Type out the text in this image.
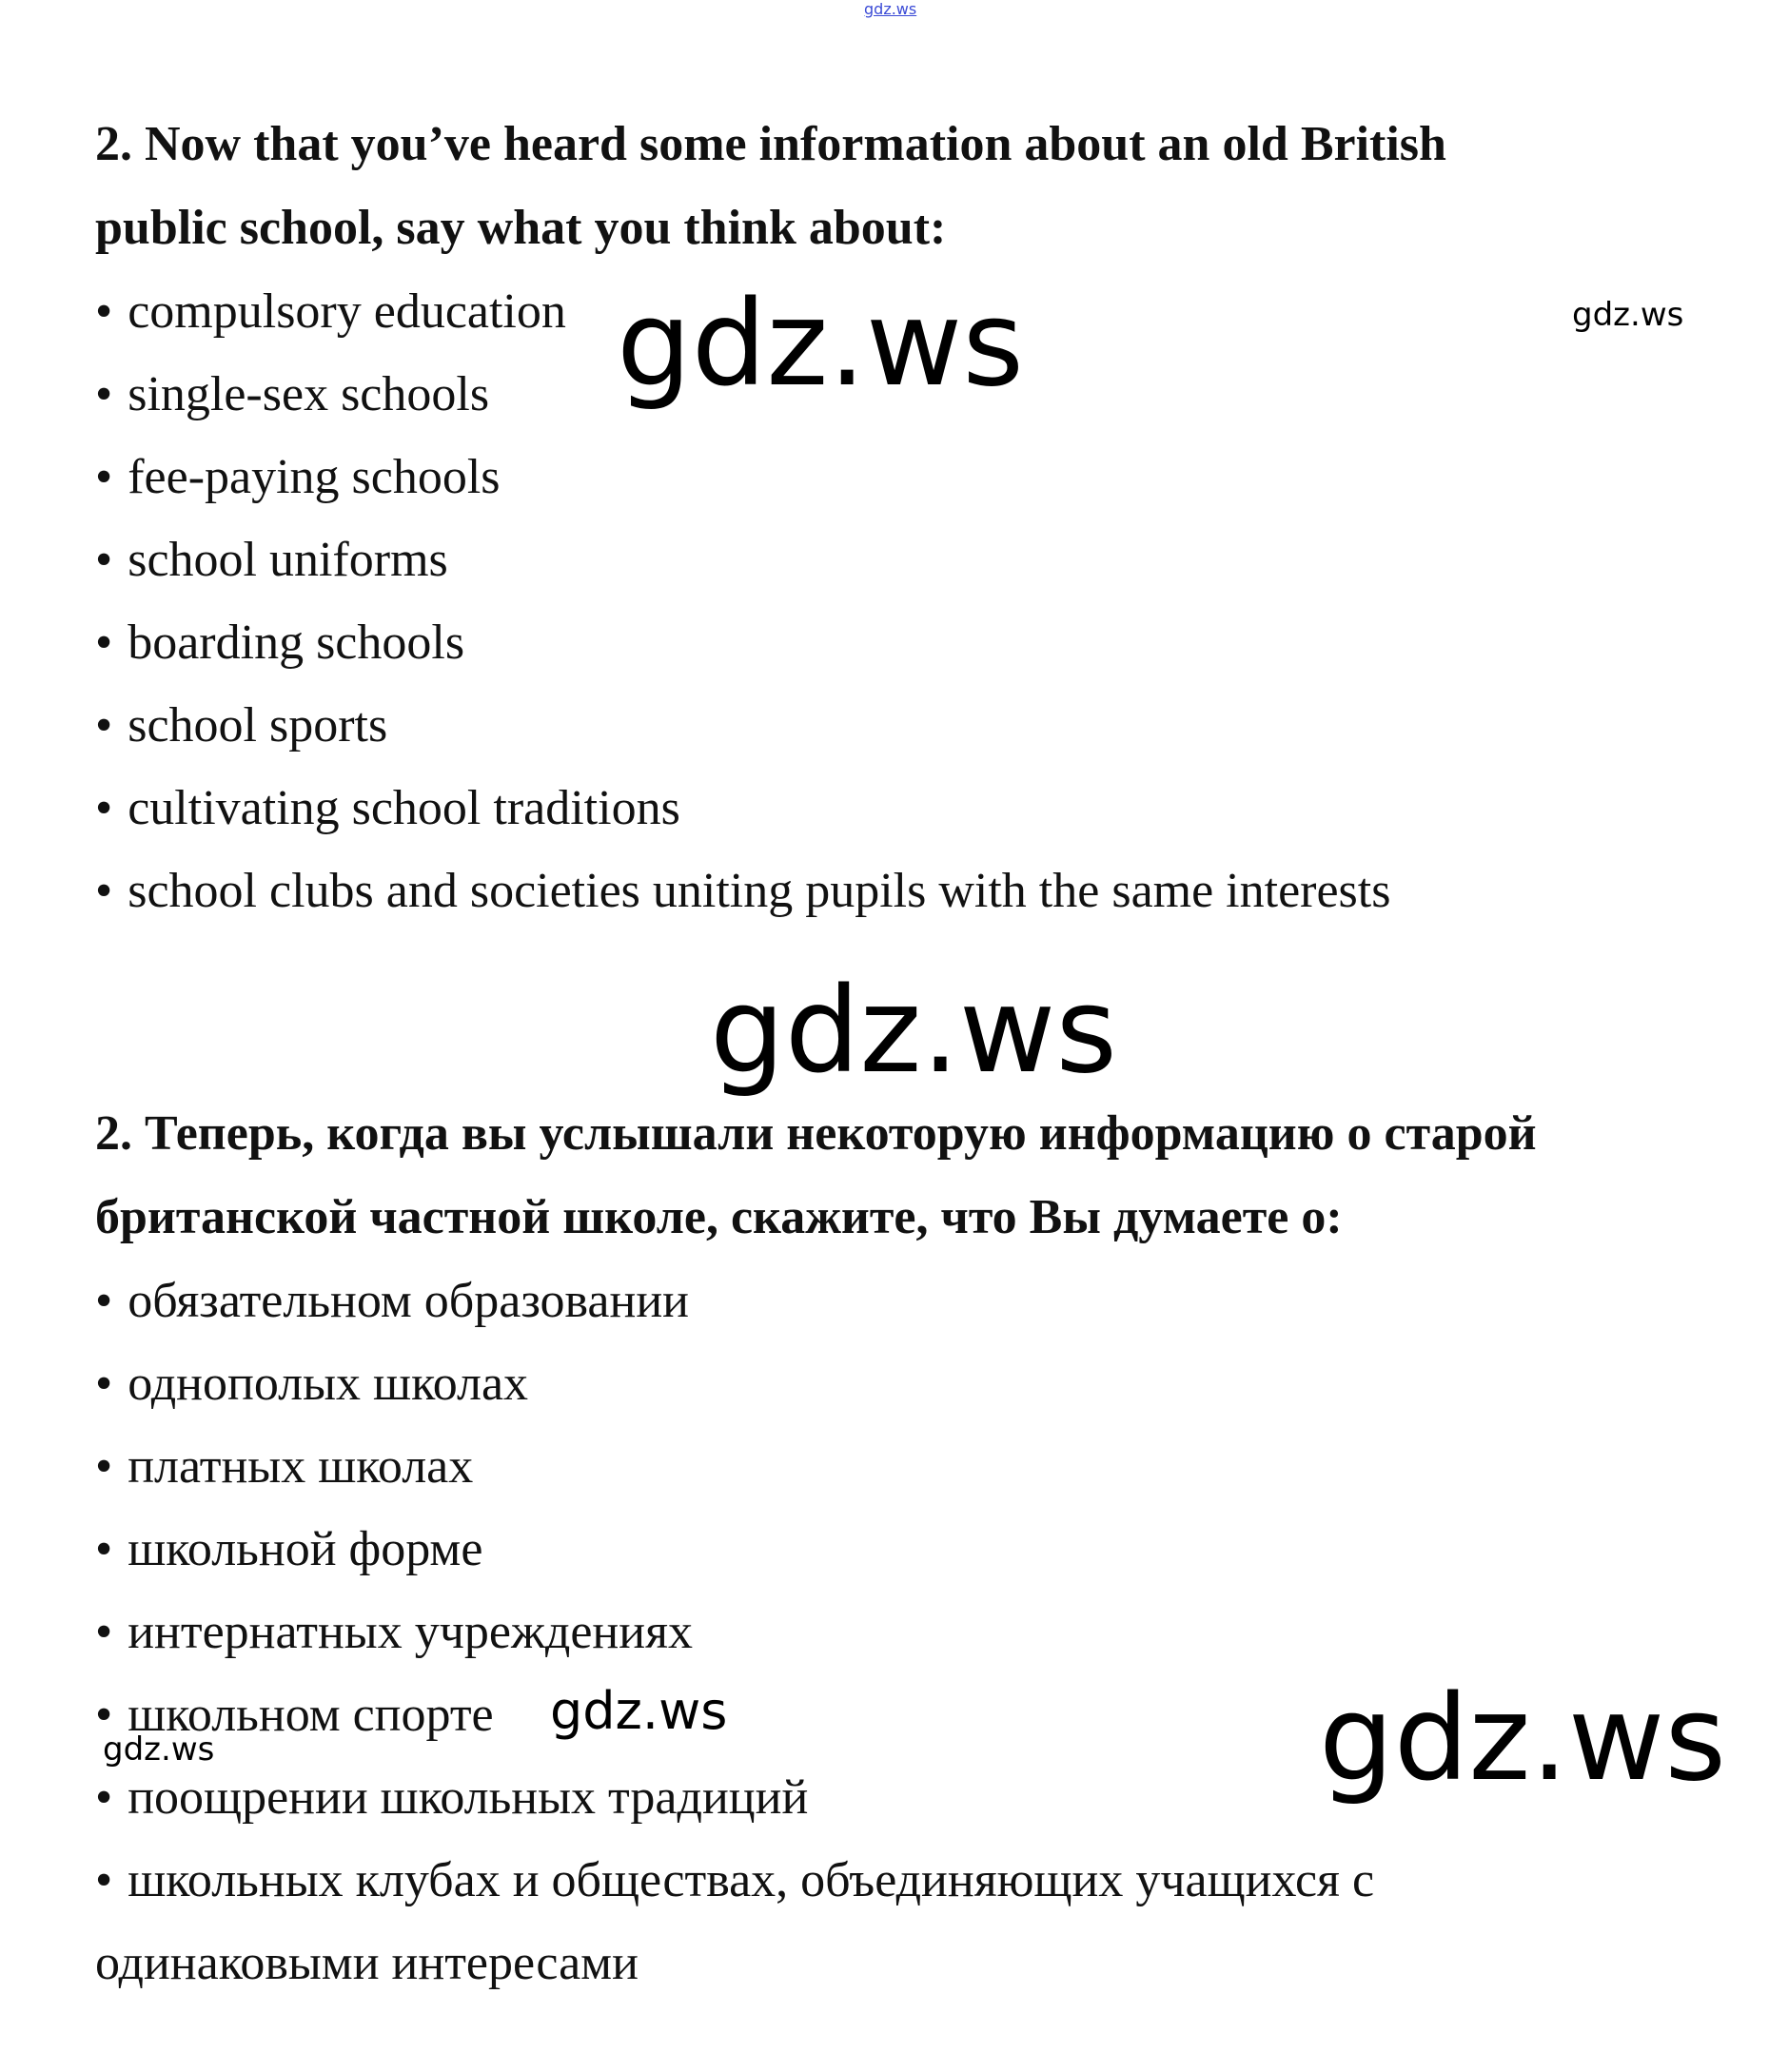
gdz.ws
2. Now that you’ve heard some information about an old British
public school, say what you think about:
• compulsory education
• single-sex schools
• fee-paying schools
• school uniforms
• boarding schools
• school sports
• cultivating school traditions
• school clubs and societies uniting pupils with the same interests
2. Теперь, когда вы услышали некоторую информацию о старой
британской частной школе, скажите, что Вы думаете о:
• обязательном образовании
• однополых школах
• платных школах
• школьной форме
• интернатных учреждениях
• школьном спорте
• поощрении школьных традиций
• школьных клубах и обществах, объединяющих учащихся с
одинаковыми интересами
gdz.ws	gdz.ws
gdz.ws
gdz.ws
gdz.ws	gdz.ws
